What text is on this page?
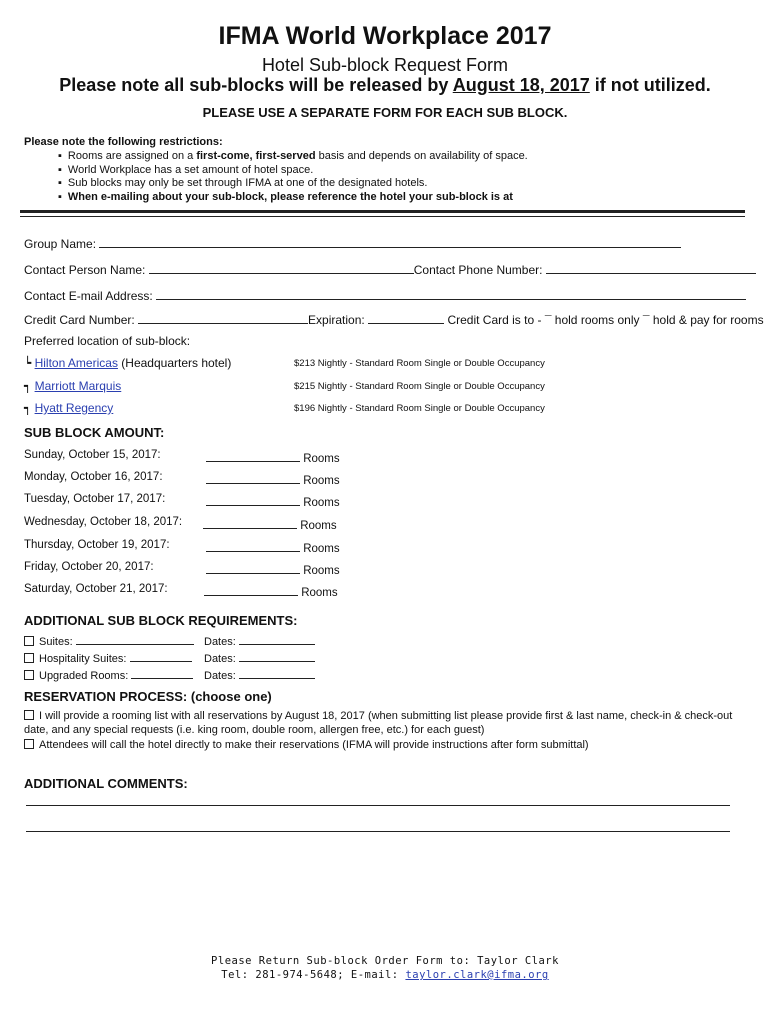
IFMA World Workplace 2017
Hotel Sub-block Request Form
Please note all sub-blocks will be released by August 18, 2017 if not utilized.
PLEASE USE A SEPARATE FORM FOR EACH SUB BLOCK.
Please note the following restrictions:
▪ Rooms are assigned on a first-come, first-served basis and depends on availability of space.
▪ World Workplace has a set amount of hotel space.
▪ Sub blocks may only be set through IFMA at one of the designated hotels.
▪ When e-mailing about your sub-block, please reference the hotel your sub-block is at
Group Name:
Contact Person Name:	Contact Phone Number:
Contact E-mail Address:
Credit Card Number:	Expiration:	Credit Card is to - ¯ hold rooms only ¯ hold & pay for rooms
Preferred location of sub-block:
┕ Hilton Americas (Headquarters hotel)	$213 Nightly - Standard Room Single or Double Occupancy
┑ Marriott Marquis	$215 Nightly - Standard Room Single or Double Occupancy
┑ Hyatt Regency	$196 Nightly - Standard Room Single or Double Occupancy
SUB BLOCK AMOUNT:
Sunday, October 15, 2017:	Rooms
Monday, October 16, 2017:	Rooms
Tuesday, October 17, 2017:	Rooms
Wednesday, October 18, 2017:	Rooms
Thursday, October 19, 2017:	Rooms
Friday, October 20, 2017:	Rooms
Saturday, October 21, 2017:	Rooms
ADDITIONAL SUB BLOCK REQUIREMENTS:
Suites:	Dates:
Hospitality Suites:	Dates:
Upgraded Rooms:	Dates:
RESERVATION PROCESS: (choose one)
I will provide a rooming list with all reservations by August 18, 2017 (when submitting list please provide first & last name, check-in & check-out date, and any special requests (i.e. king room, double room, allergen free, etc.) for each guest)
Attendees will call the hotel directly to make their reservations (IFMA will provide instructions after form submittal)
ADDITIONAL COMMENTS:
Please Return Sub-block Order Form to: Taylor Clark
Tel: 281-974-5648; E-mail: taylor.clark@ifma.org
